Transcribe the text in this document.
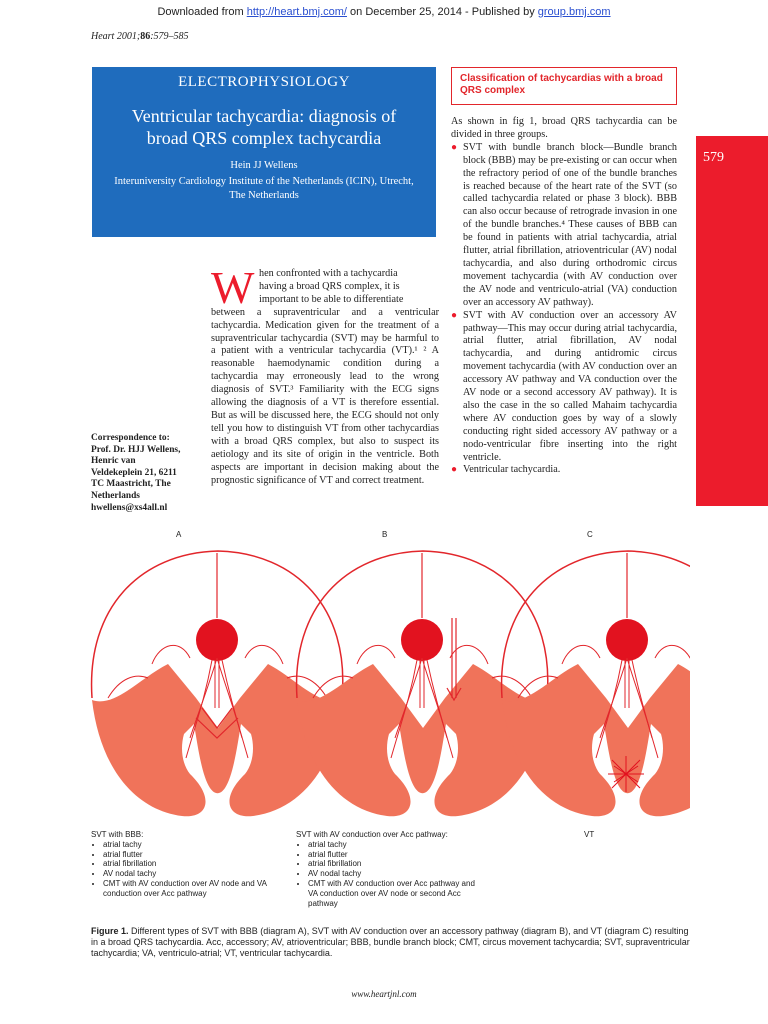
Downloaded from http://heart.bmj.com/ on December 25, 2014 - Published by group.bmj.com
Heart 2001;86:579–585
ELECTROPHYSIOLOGY
Ventricular tachycardia: diagnosis of broad QRS complex tachycardia
Hein JJ Wellens
Interuniversity Cardiology Institute of the Netherlands (ICIN), Utrecht, The Netherlands
Classification of tachycardias with a broad QRS complex
579
W hen confronted with a tachycardia
having a broad QRS complex, it is
important to be able to differentiate
between a supraventricular and a ventricular tachycardia. Medication given for the treatment of a supraventricular tachycardia (SVT) may be harmful to a patient with a ventricular tachycardia (VT).¹ ² A reasonable haemodynamic condition during a tachycardia may erroneously lead to the wrong diagnosis of SVT.³ Familiarity with the ECG signs allowing the diagnosis of a VT is therefore essential. But as will be discussed here, the ECG should not only tell you how to distinguish VT from other tachycardias with a broad QRS complex, but also to suspect its aetiology and its site of origin in the ventricle. Both aspects are important in decision making about the prognostic significance of VT and correct treatment.
Correspondence to:
Prof. Dr. HJJ Wellens,
Henric van
Veldekeplein 21, 6211
TC Maastricht, The
Netherlands
hwellens@xs4all.nl
As shown in fig 1, broad QRS tachycardia can be divided in three groups.
● SVT with bundle branch block—Bundle branch block (BBB) may be pre-existing or can occur when the refractory period of one of the bundle branches is reached because of the heart rate of the SVT (so called tachycardia related or phase 3 block). BBB can also occur because of retrograde invasion in one of the bundle branches.⁴ These causes of BBB can be found in patients with atrial tachycardia, atrial flutter, atrial fibrillation, atrioventricular (AV) nodal tachycardia, and also during orthodromic circus movement tachycardia (with AV conduction over the AV node and ventriculo-atrial (VA) conduction over an accessory AV pathway).
● SVT with AV conduction over an accessory AV pathway—This may occur during atrial tachycardia, atrial flutter, atrial fibrillation, AV nodal tachycardia, and during antidromic circus movement tachycardia (with AV conduction over an accessory AV pathway and VA conduction over the AV node or a second accessory AV pathway). It is also the case in the so called Mahaim tachycardia where AV conduction goes by way of a slowly conducting right sided accessory AV pathway or a nodo-ventricular fibre inserting into the right ventricle.
● Ventricular tachycardia.
A	B	C
SVT with BBB:
• atrial tachy
• atrial flutter
• atrial fibrillation
• AV nodal tachy
• CMT with AV conduction over AV node and VA conduction over Acc pathway
SVT with AV conduction over Acc pathway:
• atrial tachy
• atrial flutter
• atrial fibrillation
• AV nodal tachy
• CMT with AV conduction over Acc pathway and VA conduction over AV node or second Acc pathway
VT
Figure 1. Different types of SVT with BBB (diagram A), SVT with AV conduction over an accessory pathway (diagram B), and VT (diagram C) resulting in a broad QRS tachycardia. Acc, accessory; AV, atrioventricular; BBB, bundle branch block; CMT, circus movement tachycardia; SVT, supraventricular tachycardia; VA, ventriculo-atrial; VT, ventricular tachycardia.
www.heartjnl.com
